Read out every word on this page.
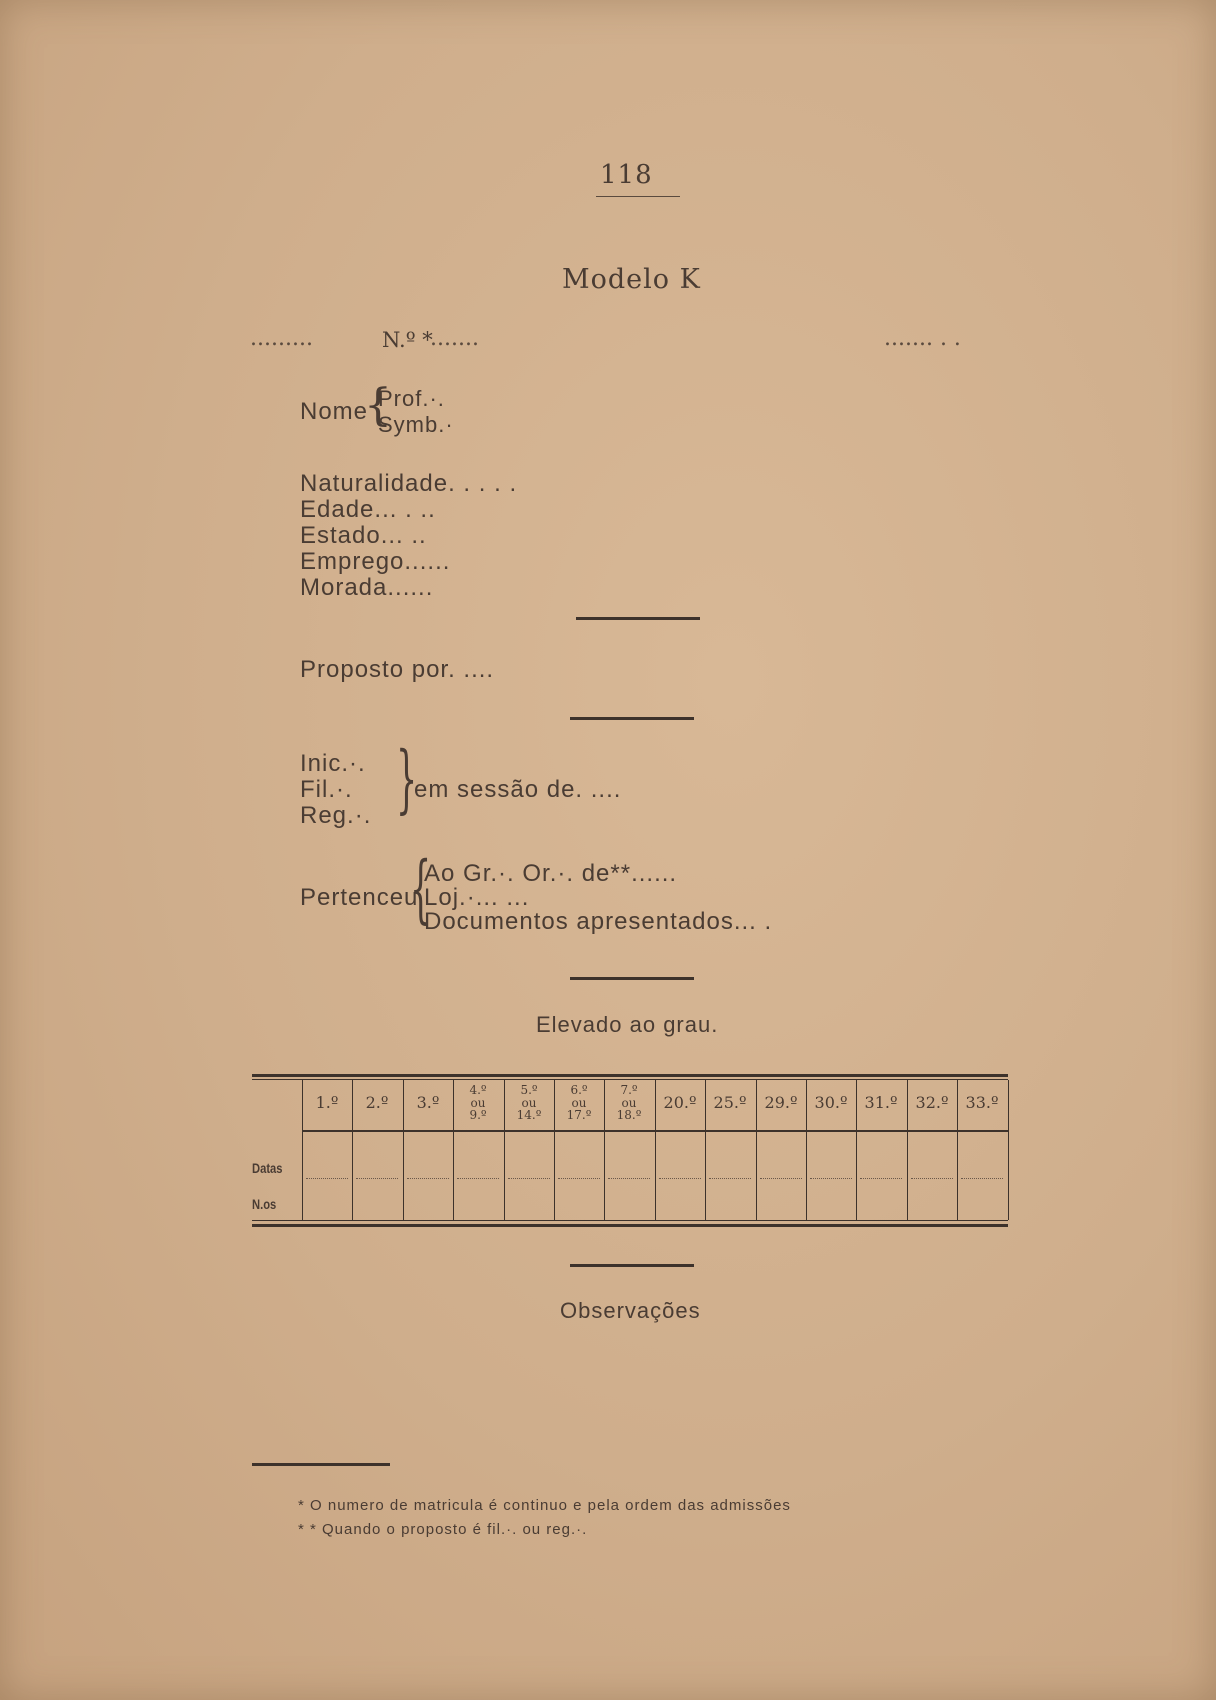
118
Modelo K
.........	N.º *
.......	....... . .
Nome
{
Prof.·.
Symb.·
Naturalidade. . . . .
Edade... . ..
Estado... ..
Emprego......
Morada......
Proposto por. ....
Inic.·.
Fil.·.
Reg.·. }
em sessão de. ....
Pertenceu
{
Ao Gr.·. Or.·. de**......
Loj.·... ...
Documentos apresentados... .
Elevado ao grau.
Datas
N.os
1.º 2.º 3.º
4.º
ou
9.º
5.º
ou
14.º
6.º
ou
17.º
7.º
ou
18.º
20.º 25.º 29.º 30.º 31.º 32.º 33.º
Observações
* O numero de matricula é continuo e pela ordem das admissões
* * Quando o proposto é fil.·. ou reg.·.
